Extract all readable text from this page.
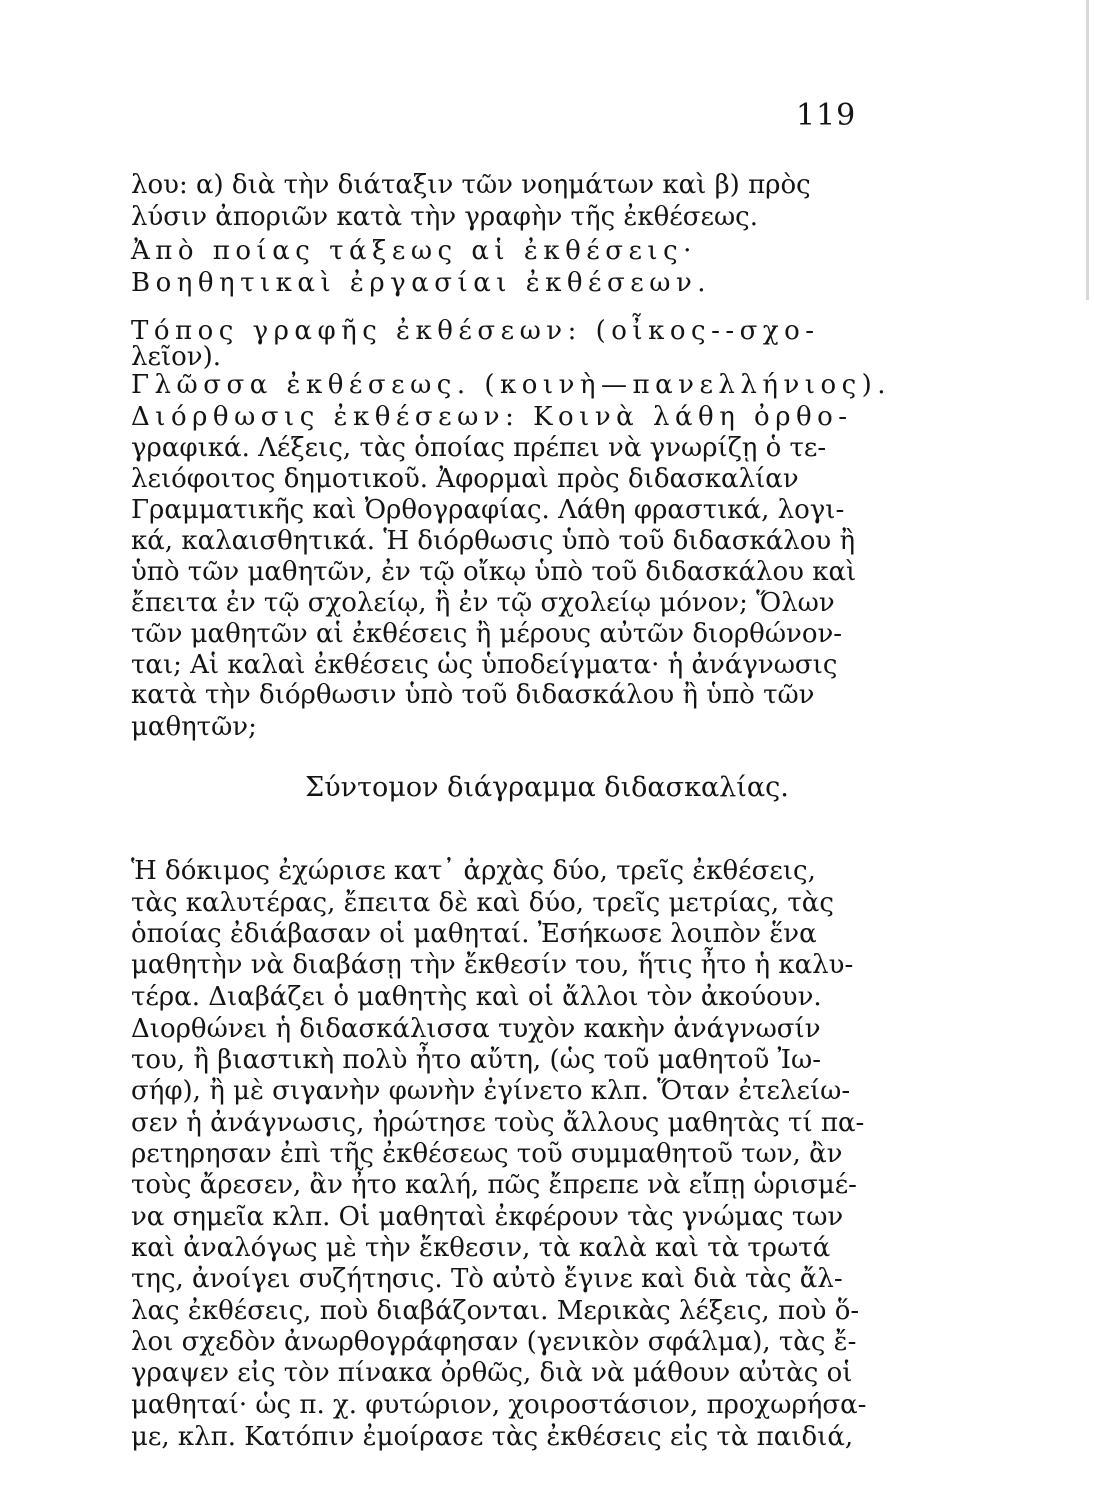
119

λου: α) διὰ τὴν διάταξιν τῶν νοημάτων καὶ β) πρὸς

λύσιν ἀποριῶν κατὰ τὴν γραφὴν τῆς ἐκθέσεως.

Ἀπὸ ποίας τάξεως αἱ ἐκθέσεις·

Βοηθητικαὶ ἐργασίαι ἐκθέσεων.

Τόπος γραφῆς ἐκθέσεων: (οἶκος--σχο-

λεῖον).

Γλῶσσα ἐκθέσεως. (κοινὴ—πανελλήνιος).

Διόρθωσις ἐκθέσεων: Κοινὰ λάθη ὀρθο-

γραφικά. Λέξεις, τὰς ὁποίας πρέπει νὰ γνωρίζῃ ὁ τε-

λειόφοιτος δημοτικοῦ. Ἀφορμαὶ πρὸς διδασκαλίαν

Γραμματικῆς καὶ Ὀρθογραφίας. Λάθη φραστικά, λογι-

κά, καλαισθητικά. Ἡ διόρθωσις ὑπὸ τοῦ διδασκάλου ἢ

ὑπὸ τῶν μαθητῶν, ἐν τῷ οἴκῳ ὑπὸ τοῦ διδασκάλου καὶ

ἔπειτα ἐν τῷ σχολείῳ, ἢ ἐν τῷ σχολείῳ μόνον; Ὅλων

τῶν μαθητῶν αἱ ἐκθέσεις ἢ μέρους αὐτῶν διορθώνον-

ται; Αἱ καλαὶ ἐκθέσεις ὡς ὑποδείγματα· ἡ ἀνάγνωσις

κατὰ τὴν διόρθωσιν ὑπὸ τοῦ διδασκάλου ἢ ὑπὸ τῶν

μαθητῶν;

Σύντομον διάγραμμα διδασκαλίας.

Ἡ δόκιμος ἐχώρισε κατ᾽ ἀρχὰς δύο, τρεῖς ἐκθέσεις,

τὰς καλυτέρας, ἔπειτα δὲ καὶ δύο, τρεῖς μετρίας, τὰς

ὁποίας ἐδιάβασαν οἱ μαθηταί. Ἐσήκωσε λοιπὸν ἕνα

μαθητὴν νὰ διαβάσῃ τὴν ἔκθεσίν του, ἥτις ἦτο ἡ καλυ-

τέρα. Διαβάζει ὁ μαθητὴς καὶ οἱ ἄλλοι τὸν ἀκούουν.

Διορθώνει ἡ διδασκάλισσα τυχὸν κακὴν ἀνάγνωσίν

του, ἢ βιαστικὴ πολὺ ἦτο αὔτη, (ὡς τοῦ μαθητοῦ Ἰω-

σήφ), ἢ μὲ σιγανὴν φωνὴν ἐγίνετο κλπ. Ὅταν ἐτελείω-

σεν ἡ ἀνάγνωσις, ἠρώτησε τοὺς ἄλλους μαθητὰς τί πα-

ρετηρησαν ἐπὶ τῆς ἐκθέσεως τοῦ συμμαθητοῦ των, ἂν

τοὺς ἄρεσεν, ἂν ἦτο καλή, πῶς ἔπρεπε νὰ εἴπῃ ὡρισμέ-

να σημεῖα κλπ. Οἱ μαθηταὶ ἐκφέρουν τὰς γνώμας των

καὶ ἀναλόγως μὲ τὴν ἔκθεσιν, τὰ καλὰ καὶ τὰ τρωτά

της, ἀνοίγει συζήτησις. Τὸ αὐτὸ ἔγινε καὶ διὰ τὰς ἄλ-

λας ἐκθέσεις, ποὺ διαβάζονται. Μερικὰς λέξεις, ποὺ ὅ-

λοι σχεδὸν ἀνωρθογράφησαν (γενικὸν σφάλμα), τὰς ἔ-

γραψεν εἰς τὸν πίνακα ὀρθῶς, διὰ νὰ μάθουν αὐτὰς οἱ

μαθηταί· ὡς π. χ. φυτώριον, χοιροστάσιον, προχωρήσα-

με, κλπ. Κατόπιν ἐμοίρασε τὰς ἐκθέσεις εἰς τὰ παιδιά,
